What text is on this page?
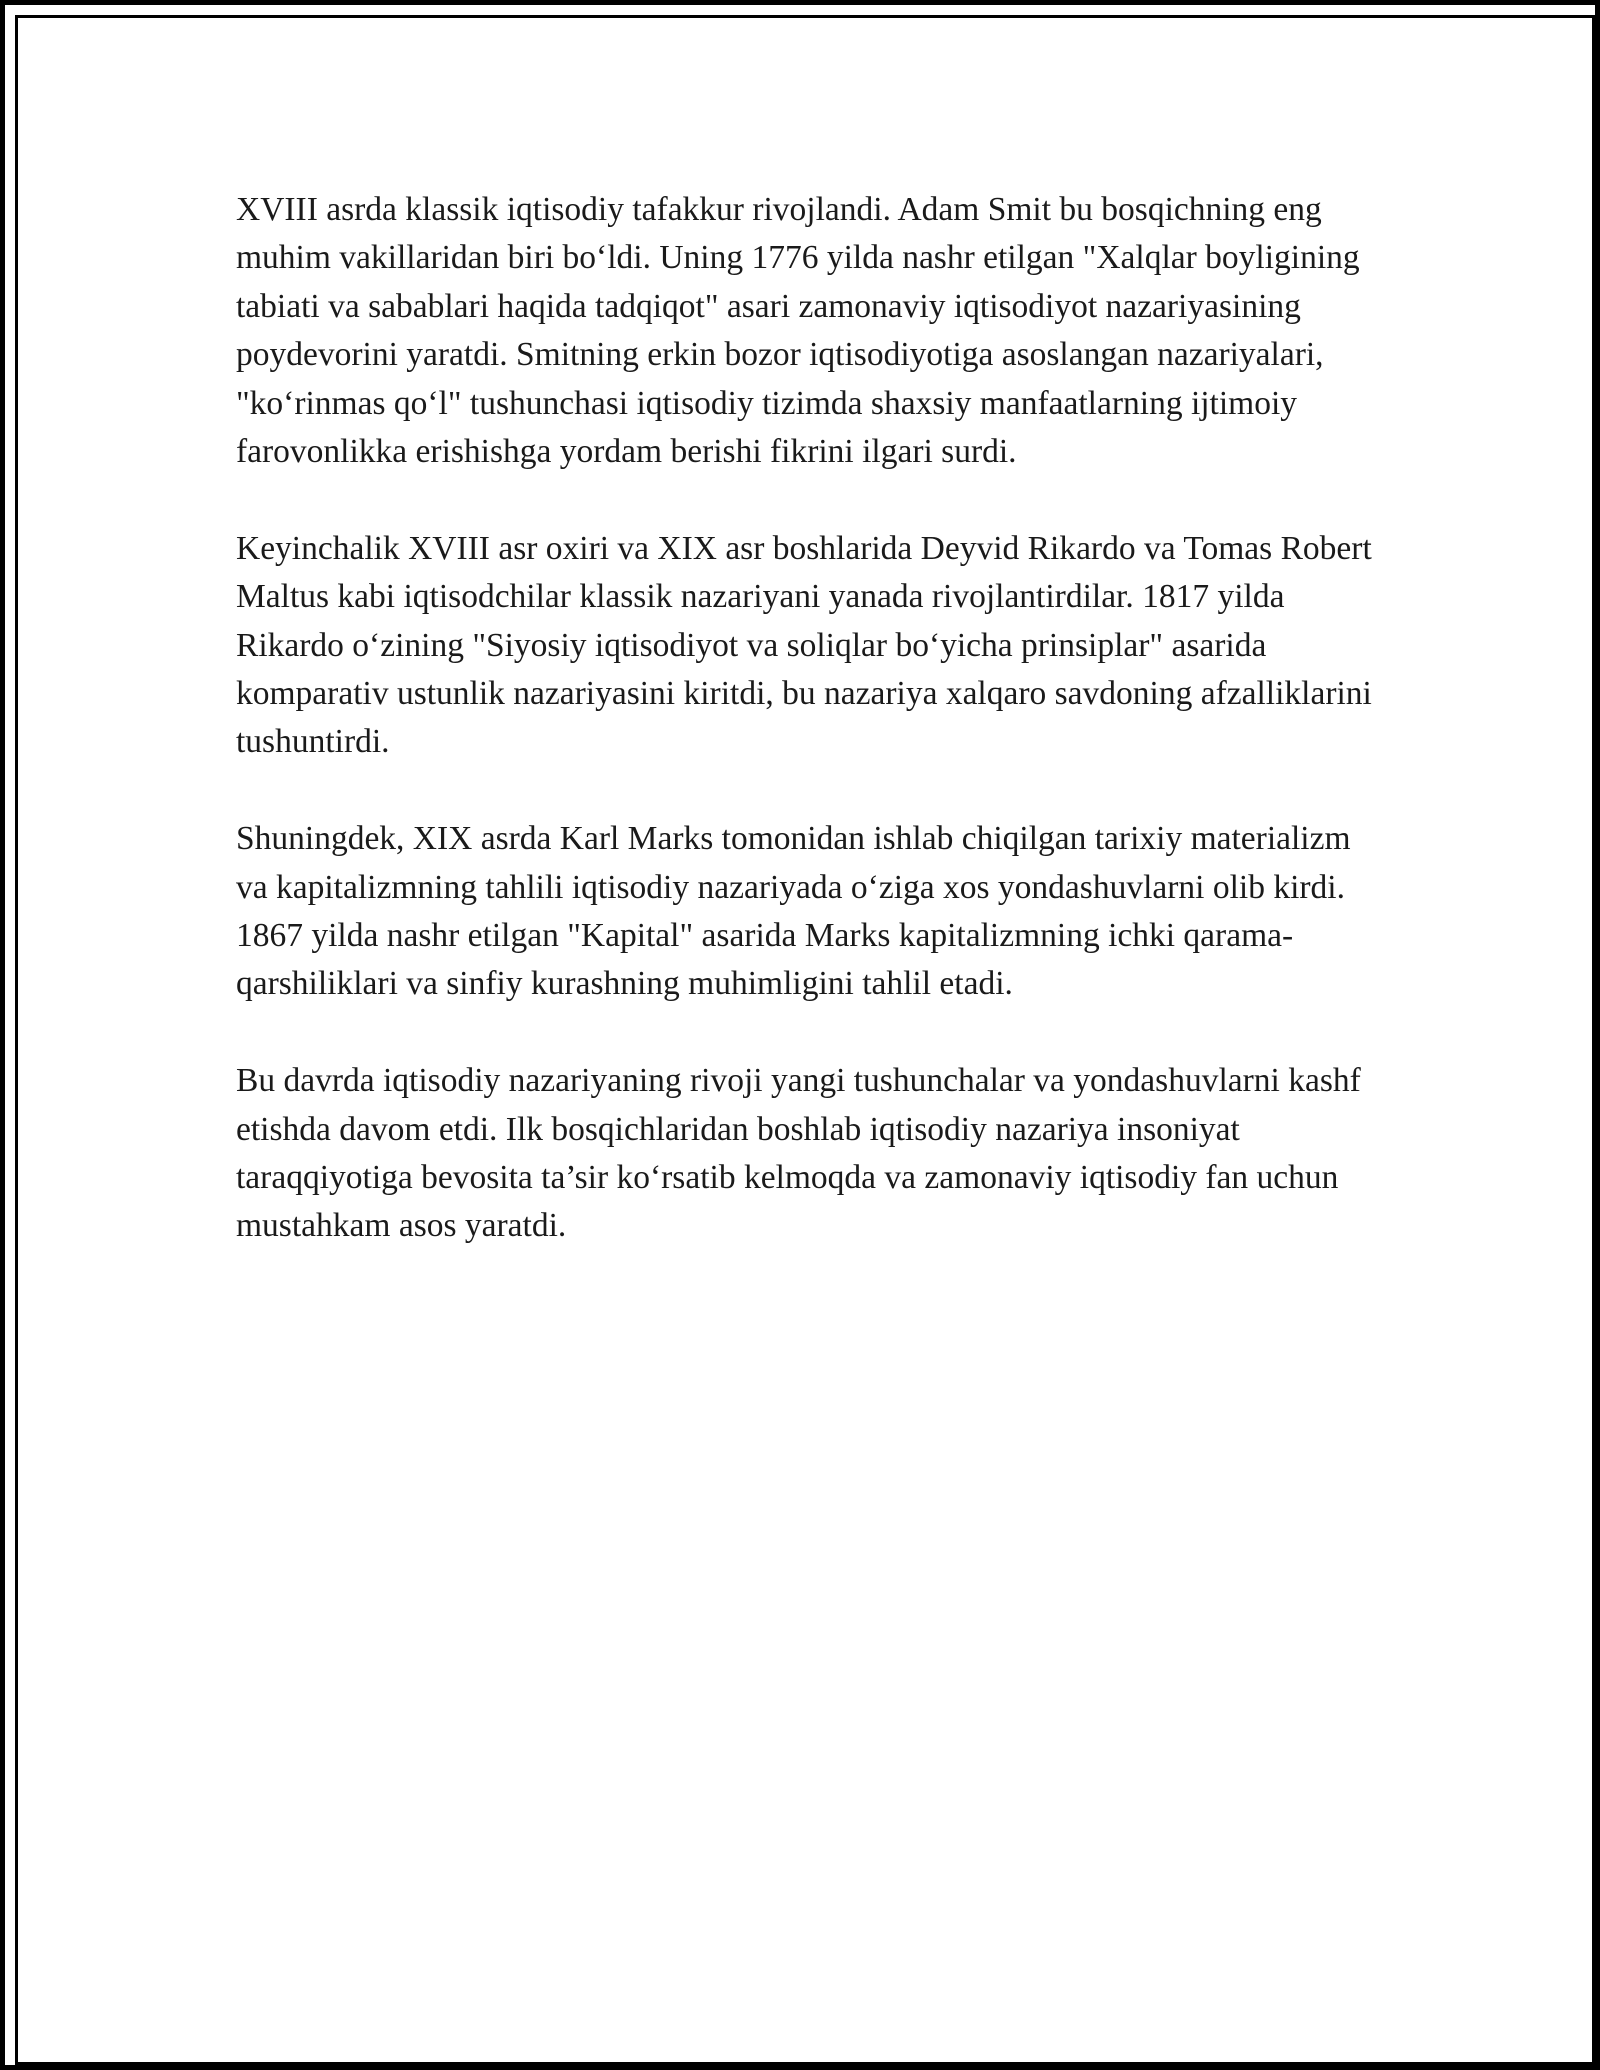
XVIII asrda klassik iqtisodiy tafakkur rivojlandi. Adam Smit bu bosqichning eng muhim vakillaridan biri bo‘ldi. Uning 1776 yilda nashr etilgan "Xalqlar boyligining tabiati va sabablari haqida tadqiqot" asari zamonaviy iqtisodiyot nazariyasining poydevorini yaratdi. Smitning erkin bozor iqtisodiyotiga asoslangan nazariyalari, "ko‘rinmas qo‘l" tushunchasi iqtisodiy tizimda shaxsiy manfaatlarning ijtimoiy farovonlikka erishishga yordam berishi fikrini ilgari surdi.

Keyinchalik XVIII asr oxiri va XIX asr boshlarida Deyvid Rikardo va Tomas Robert Maltus kabi iqtisodchilar klassik nazariyani yanada rivojlantirdilar. 1817 yilda Rikardo o‘zining "Siyosiy iqtisodiyot va soliqlar bo‘yicha prinsiplar" asarida komparativ ustunlik nazariyasini kiritdi, bu nazariya xalqaro savdoning afzalliklarini tushuntirdi.

Shuningdek, XIX asrda Karl Marks tomonidan ishlab chiqilgan tarixiy materializm va kapitalizmning tahlili iqtisodiy nazariyada o‘ziga xos yondashuvlarni olib kirdi. 1867 yilda nashr etilgan "Kapital" asarida Marks kapitalizmning ichki qarama-qarshiliklari va sinfiy kurashning muhimligini tahlil etadi.

Bu davrda iqtisodiy nazariyaning rivoji yangi tushunchalar va yondashuvlarni kashf etishda davom etdi. Ilk bosqichlaridan boshlab iqtisodiy nazariya insoniyat taraqqiyotiga bevosita ta’sir ko‘rsatib kelmoqda va zamonaviy iqtisodiy fan uchun mustahkam asos yaratdi.
